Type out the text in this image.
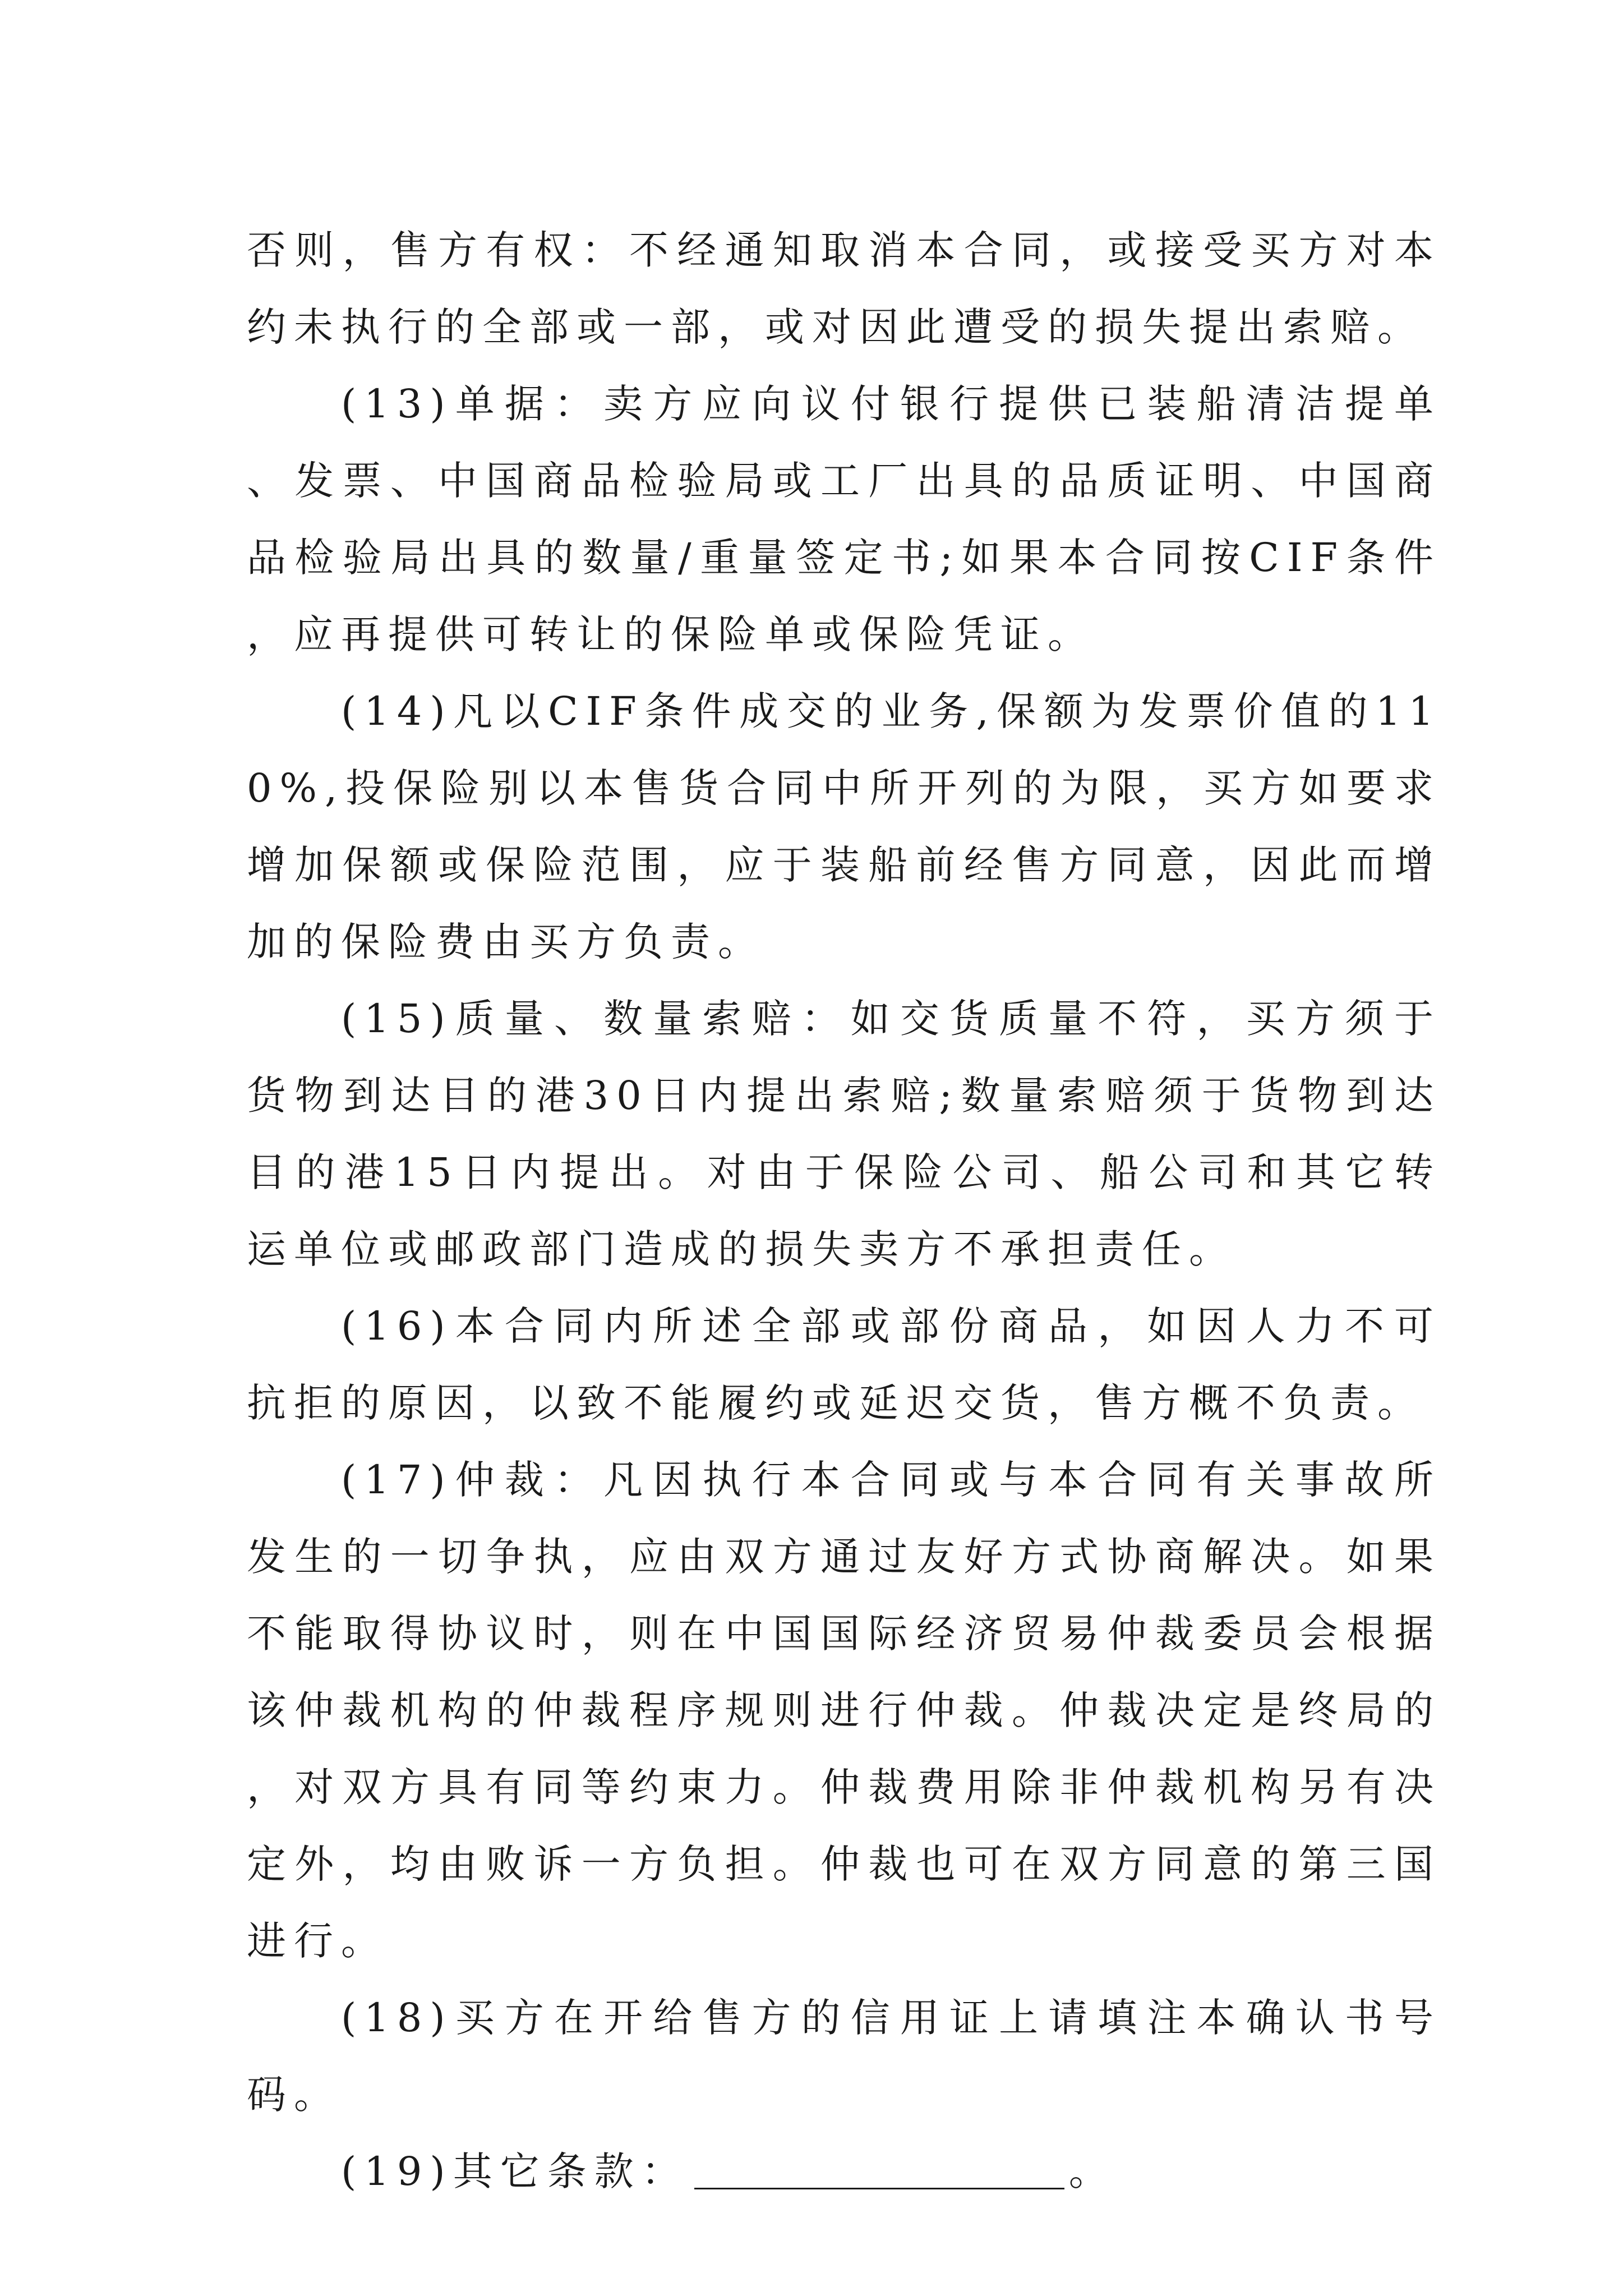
否则，售方有权：不经通知取消本合同，或接受买方对本约未执行的全部或一部，或对因此遭受的损失提出索赔。

(13)单据：卖方应向议付银行提供已装船清洁提单、发票、中国商品检验局或工厂出具的品质证明、中国商品检验局出具的数量/重量签定书;如果本合同按CIF条件，应再提供可转让的保险单或保险凭证。

(14)凡以CIF条件成交的业务,保额为发票价值的110%,投保险别以本售货合同中所开列的为限，买方如要求增加保额或保险范围，应于装船前经售方同意，因此而增加的保险费由买方负责。

(15)质量、数量索赔：如交货质量不符，买方须于货物到达目的港30日内提出索赔;数量索赔须于货物到达目的港15日内提出。对由于保险公司、船公司和其它转运单位或邮政部门造成的损失卖方不承担责任。

(16)本合同内所述全部或部份商品，如因人力不可抗拒的原因，以致不能履约或延迟交货，售方概不负责。

(17)仲裁：凡因执行本合同或与本合同有关事故所发生的一切争执，应由双方通过友好方式协商解决。如果不能取得协议时，则在中国国际经济贸易仲裁委员会根据该仲裁机构的仲裁程序规则进行仲裁。仲裁决定是终局的，对双方具有同等约束力。仲裁费用除非仲裁机构另有决定外，均由败诉一方负担。仲裁也可在双方同意的第三国进行。

(18)买方在开给售方的信用证上请填注本确认书号码。

(19)其它条款：	。
